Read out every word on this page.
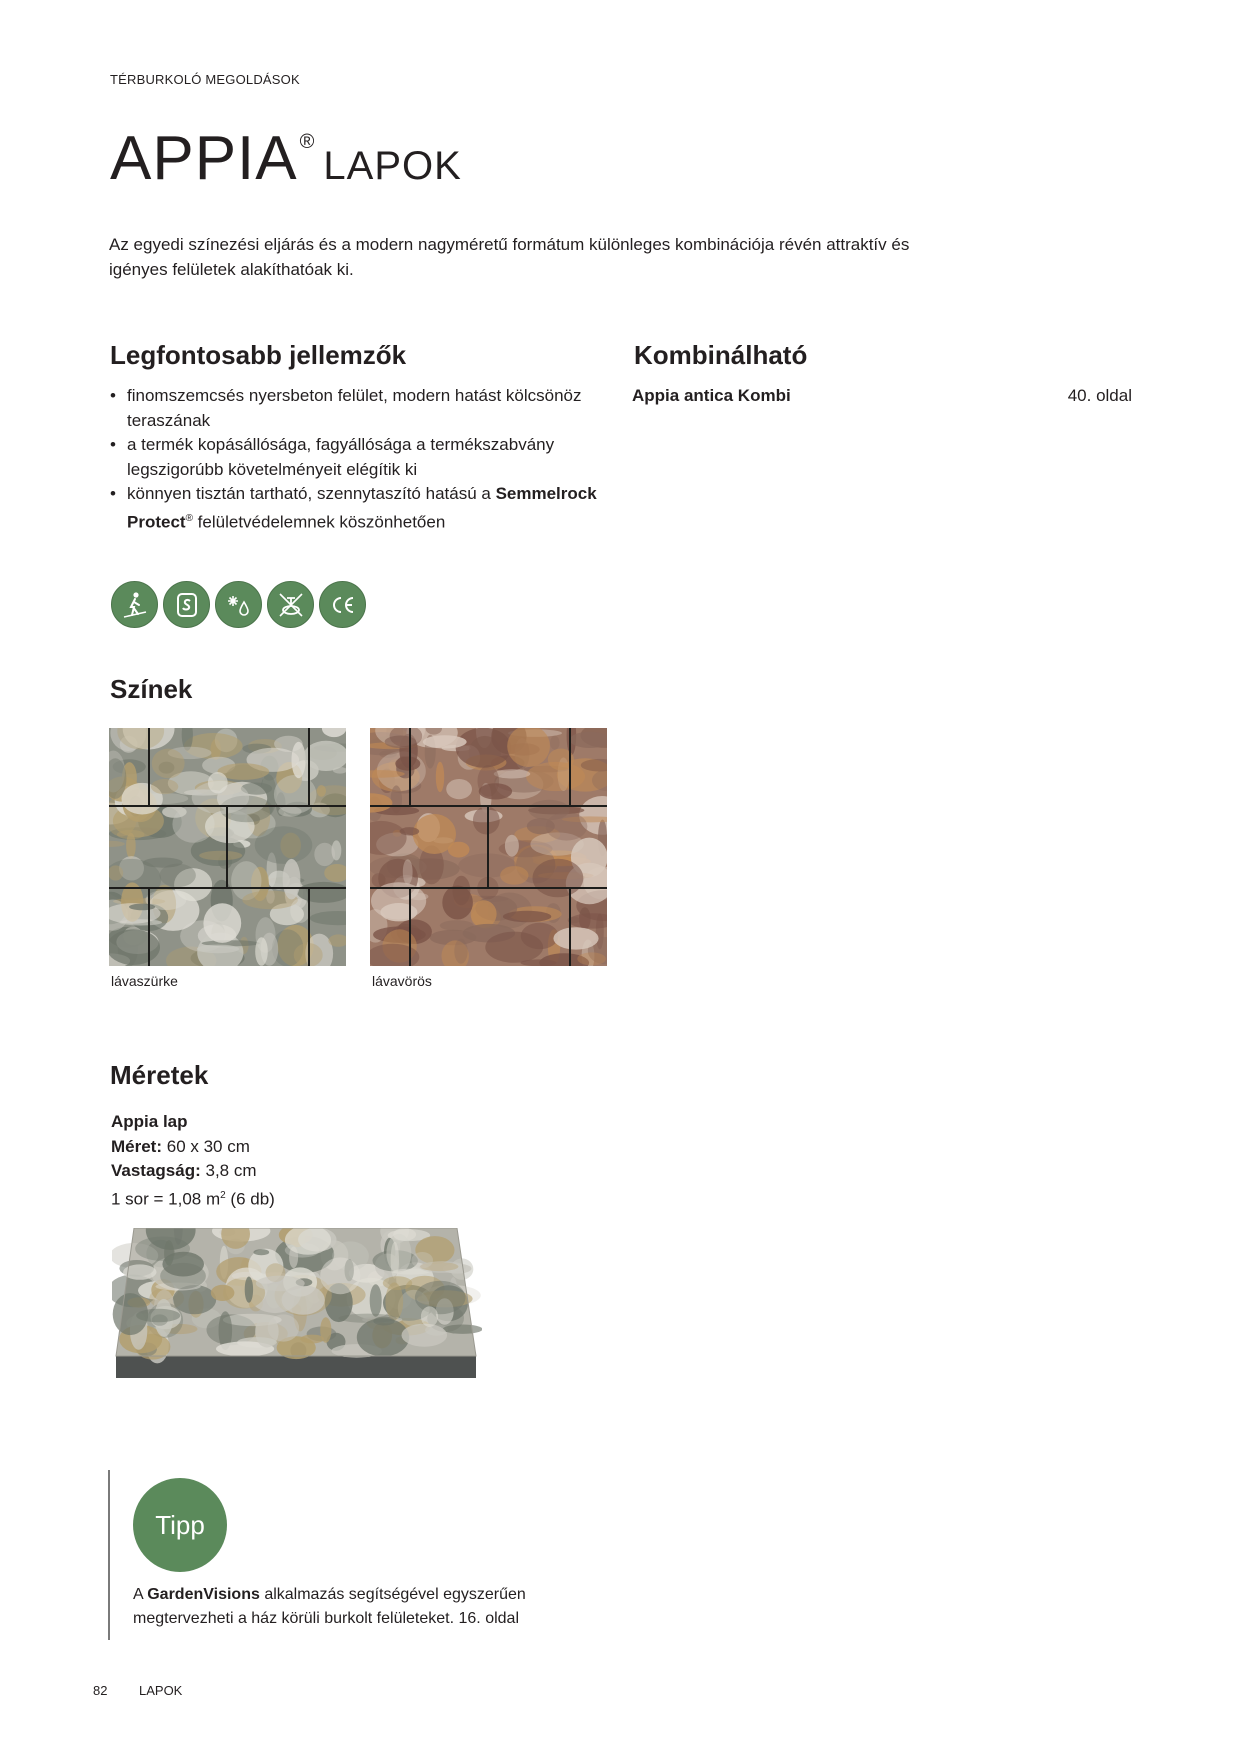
TÉRBURKOLÓ MEGOLDÁSOK
APPIA ®LAPOK
Az egyedi színezési eljárás és a modern nagyméretű formátum különleges kombinációja révén attraktív és igényes felületek alakíthatóak ki.
Legfontosabb jellemzők
• finomszemcsés nyersbeton felület, modern hatást kölcsönöz teraszának
• a termék kopásállósága, fagyállósága a termékszabvány legszigorúbb követelményeit elégítik ki
• könnyen tisztán tartható, szennytaszító hatású a Semmelrock Protect® felületvédelemnek köszönhetően
Kombinálható
Appia antica Kombi	40. oldal
Színek
lávaszürke	lávavörös
Méretek
Appia lap
Méret: 60 x 30 cm
Vastagság: 3,8 cm
1 sor = 1,08 $m^2$ (6 db)
Tipp
A GardenVisions alkalmazás segítségével egyszerűen megtervezheti a ház körüli burkolt felületeket. 16. oldal
82 LAPOK
